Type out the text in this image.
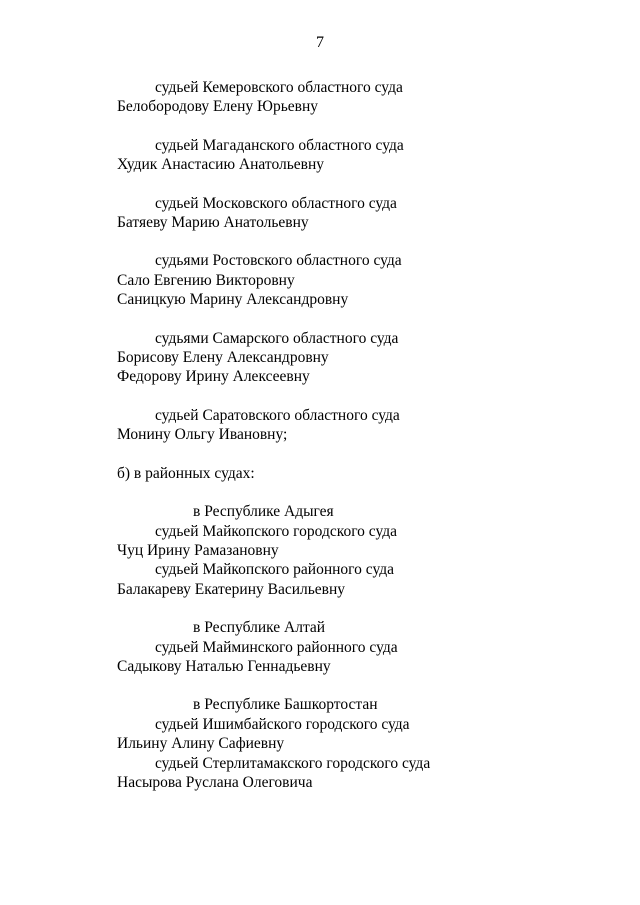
7
судьей Кемеровского областного суда
Белобородову Елену Юрьевну
судьей Магаданского областного суда
Худик Анастасию Анатольевну
судьей Московского областного суда
Батяеву Марию Анатольевну
судьями Ростовского областного суда
Сало Евгению Викторовну
Саницкую Марину Александровну
судьями Самарского областного суда
Борисову Елену Александровну
Федорову Ирину Алексеевну
судьей Саратовского областного суда
Монину Ольгу Ивановну;
б) в районных судах:
в Республике Адыгея
судьей Майкопского городского суда
Чуц Ирину Рамазановну
судьей Майкопского районного суда
Балакареву Екатерину Васильевну
в Республике Алтай
судьей Майминского районного суда
Садыкову Наталью Геннадьевну
в Республике Башкортостан
судьей Ишимбайского городского суда
Ильину Алину Сафиевну
судьей Стерлитамакского городского суда
Насырова Руслана Олеговича
